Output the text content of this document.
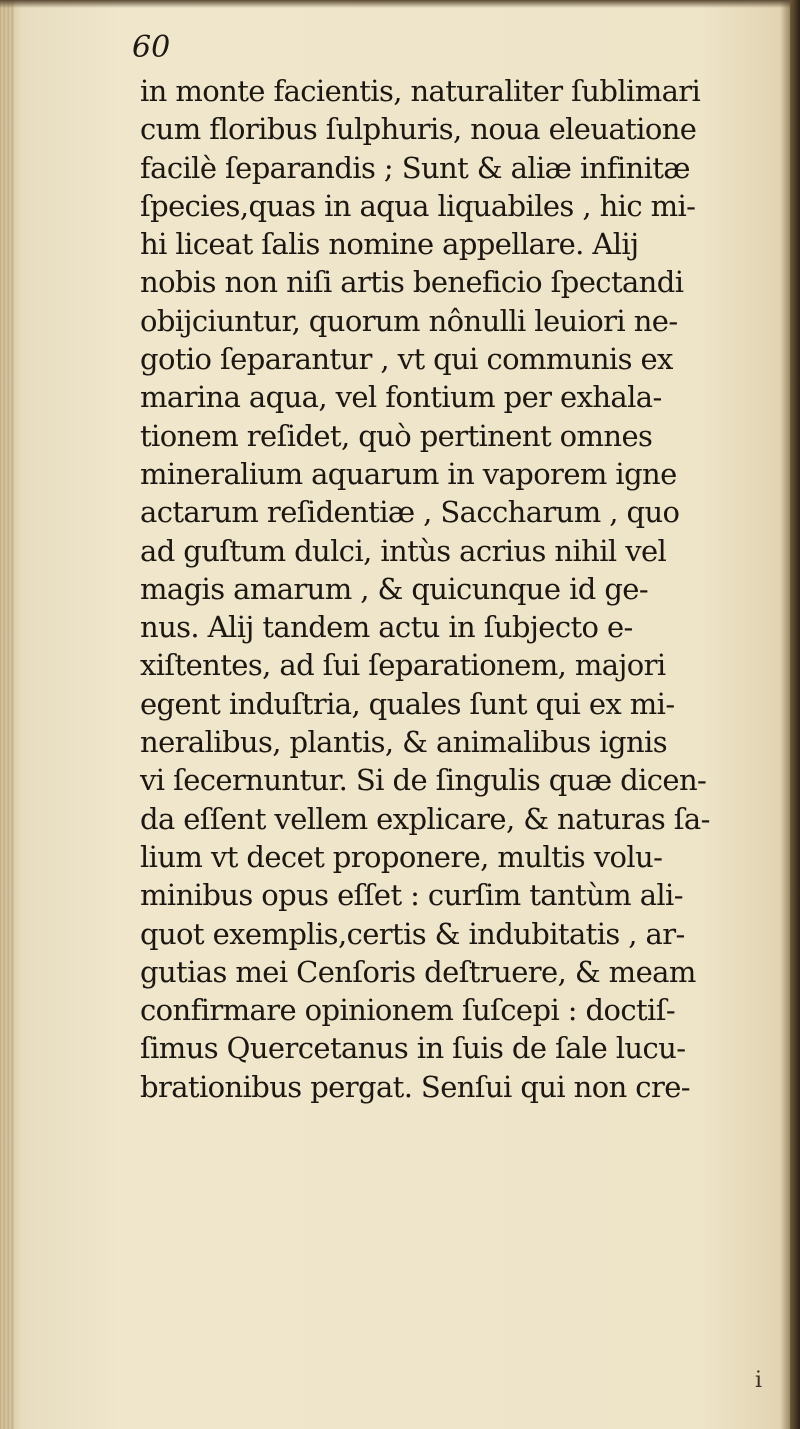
60
in monte facientis, naturaliter ſublimari
cum floribus ſulphuris, noua eleuatione
facilè ſeparandis ; Sunt & aliæ infinitæ
ſpecies,quas in aqua liquabiles , hic mi-
hi liceat ſalis nomine appellare. Alij
nobis non niſi artis beneficio ſpectandi
obijciuntur, quorum nônulli leuiori ne-
gotio ſeparantur , vt qui communis ex
marina aqua, vel fontium per exhala-
tionem reſidet, quò pertinent omnes
mineralium aquarum in vaporem igne
actarum reſidentiæ , Saccharum , quo
ad guſtum dulci, intùs acrius nihil vel
magis amarum , & quicunque id ge-
nus. Alij tandem actu in ſubjecto e-
xiſtentes, ad ſui ſeparationem, majori
egent induſtria, quales ſunt qui ex mi-
neralibus, plantis, & animalibus ignis
vi ſecernuntur. Si de ſingulis quæ dicen-
da eſſent vellem explicare, & naturas ſa-
lium vt decet proponere, multis volu-
minibus opus eſſet : curſim tantùm ali-
quot exemplis,certis & indubitatis , ar-
gutias mei Cenſoris deſtruere, & meam
confirmare opinionem ſuſcepi : doctiſ-
ſimus Quercetanus in ſuis de ſale lucu-
brationibus pergat. Senſui qui non cre-
i
